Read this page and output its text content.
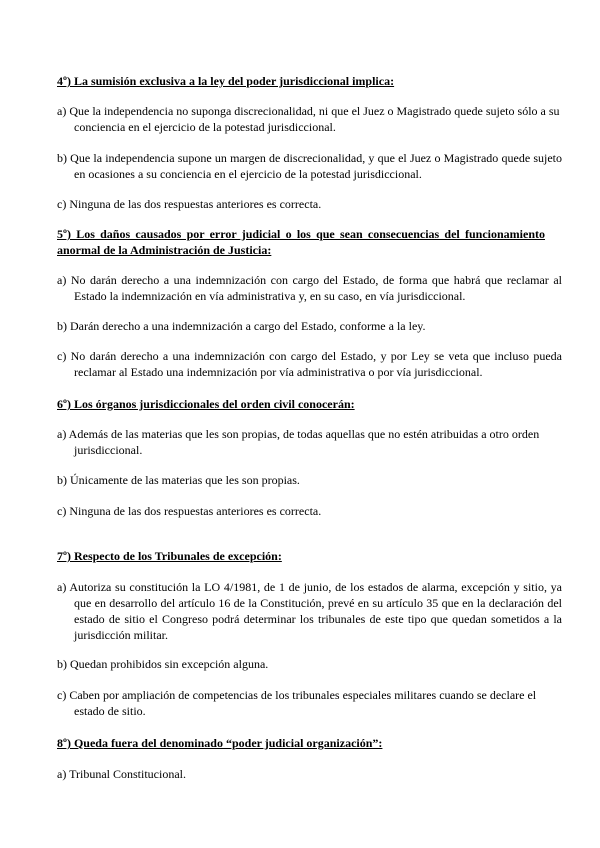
4º) La sumisión exclusiva a la ley del poder jurisdiccional implica:

a) Que la independencia no suponga discrecionalidad, ni que el Juez o Magistrado quede sujeto sólo a su conciencia en el ejercicio de la potestad jurisdiccional.

b) Que la independencia supone un margen de discrecionalidad, y que el Juez o Magistrado quede sujeto en ocasiones a su conciencia en el ejercicio de la potestad jurisdiccional.

c) Ninguna de las dos respuestas anteriores es correcta.

5º) Los daños causados por error judicial o los que sean consecuencias del funcionamiento anormal de la Administración de Justicia:

a) No darán derecho a una indemnización con cargo del Estado, de forma que habrá que reclamar al Estado la indemnización en vía administrativa y, en su caso, en vía jurisdiccional.

b) Darán derecho a una indemnización a cargo del Estado, conforme a la ley.

c) No darán derecho a una indemnización con cargo del Estado, y por Ley se veta que incluso pueda reclamar al Estado una indemnización por vía administrativa o por vía jurisdiccional.

6º) Los órganos jurisdiccionales del orden civil conocerán:

a) Además de las materias que les son propias, de todas aquellas que no estén atribuidas a otro orden jurisdiccional.

b) Únicamente de las materias que les son propias.

c) Ninguna de las dos respuestas anteriores es correcta.

7º) Respecto de los Tribunales de excepción:

a) Autoriza su constitución la LO 4/1981, de 1 de junio, de los estados de alarma, excepción y sitio, ya que en desarrollo del artículo 16 de la Constitución, prevé en su artículo 35 que en la declaración del estado de sitio el Congreso podrá determinar los tribunales de este tipo que quedan sometidos a la jurisdicción militar.

b) Quedan prohibidos sin excepción alguna.

c) Caben por ampliación de competencias de los tribunales especiales militares cuando se declare el estado de sitio.

8º) Queda fuera del denominado “poder judicial organización”:

a) Tribunal Constitucional.
